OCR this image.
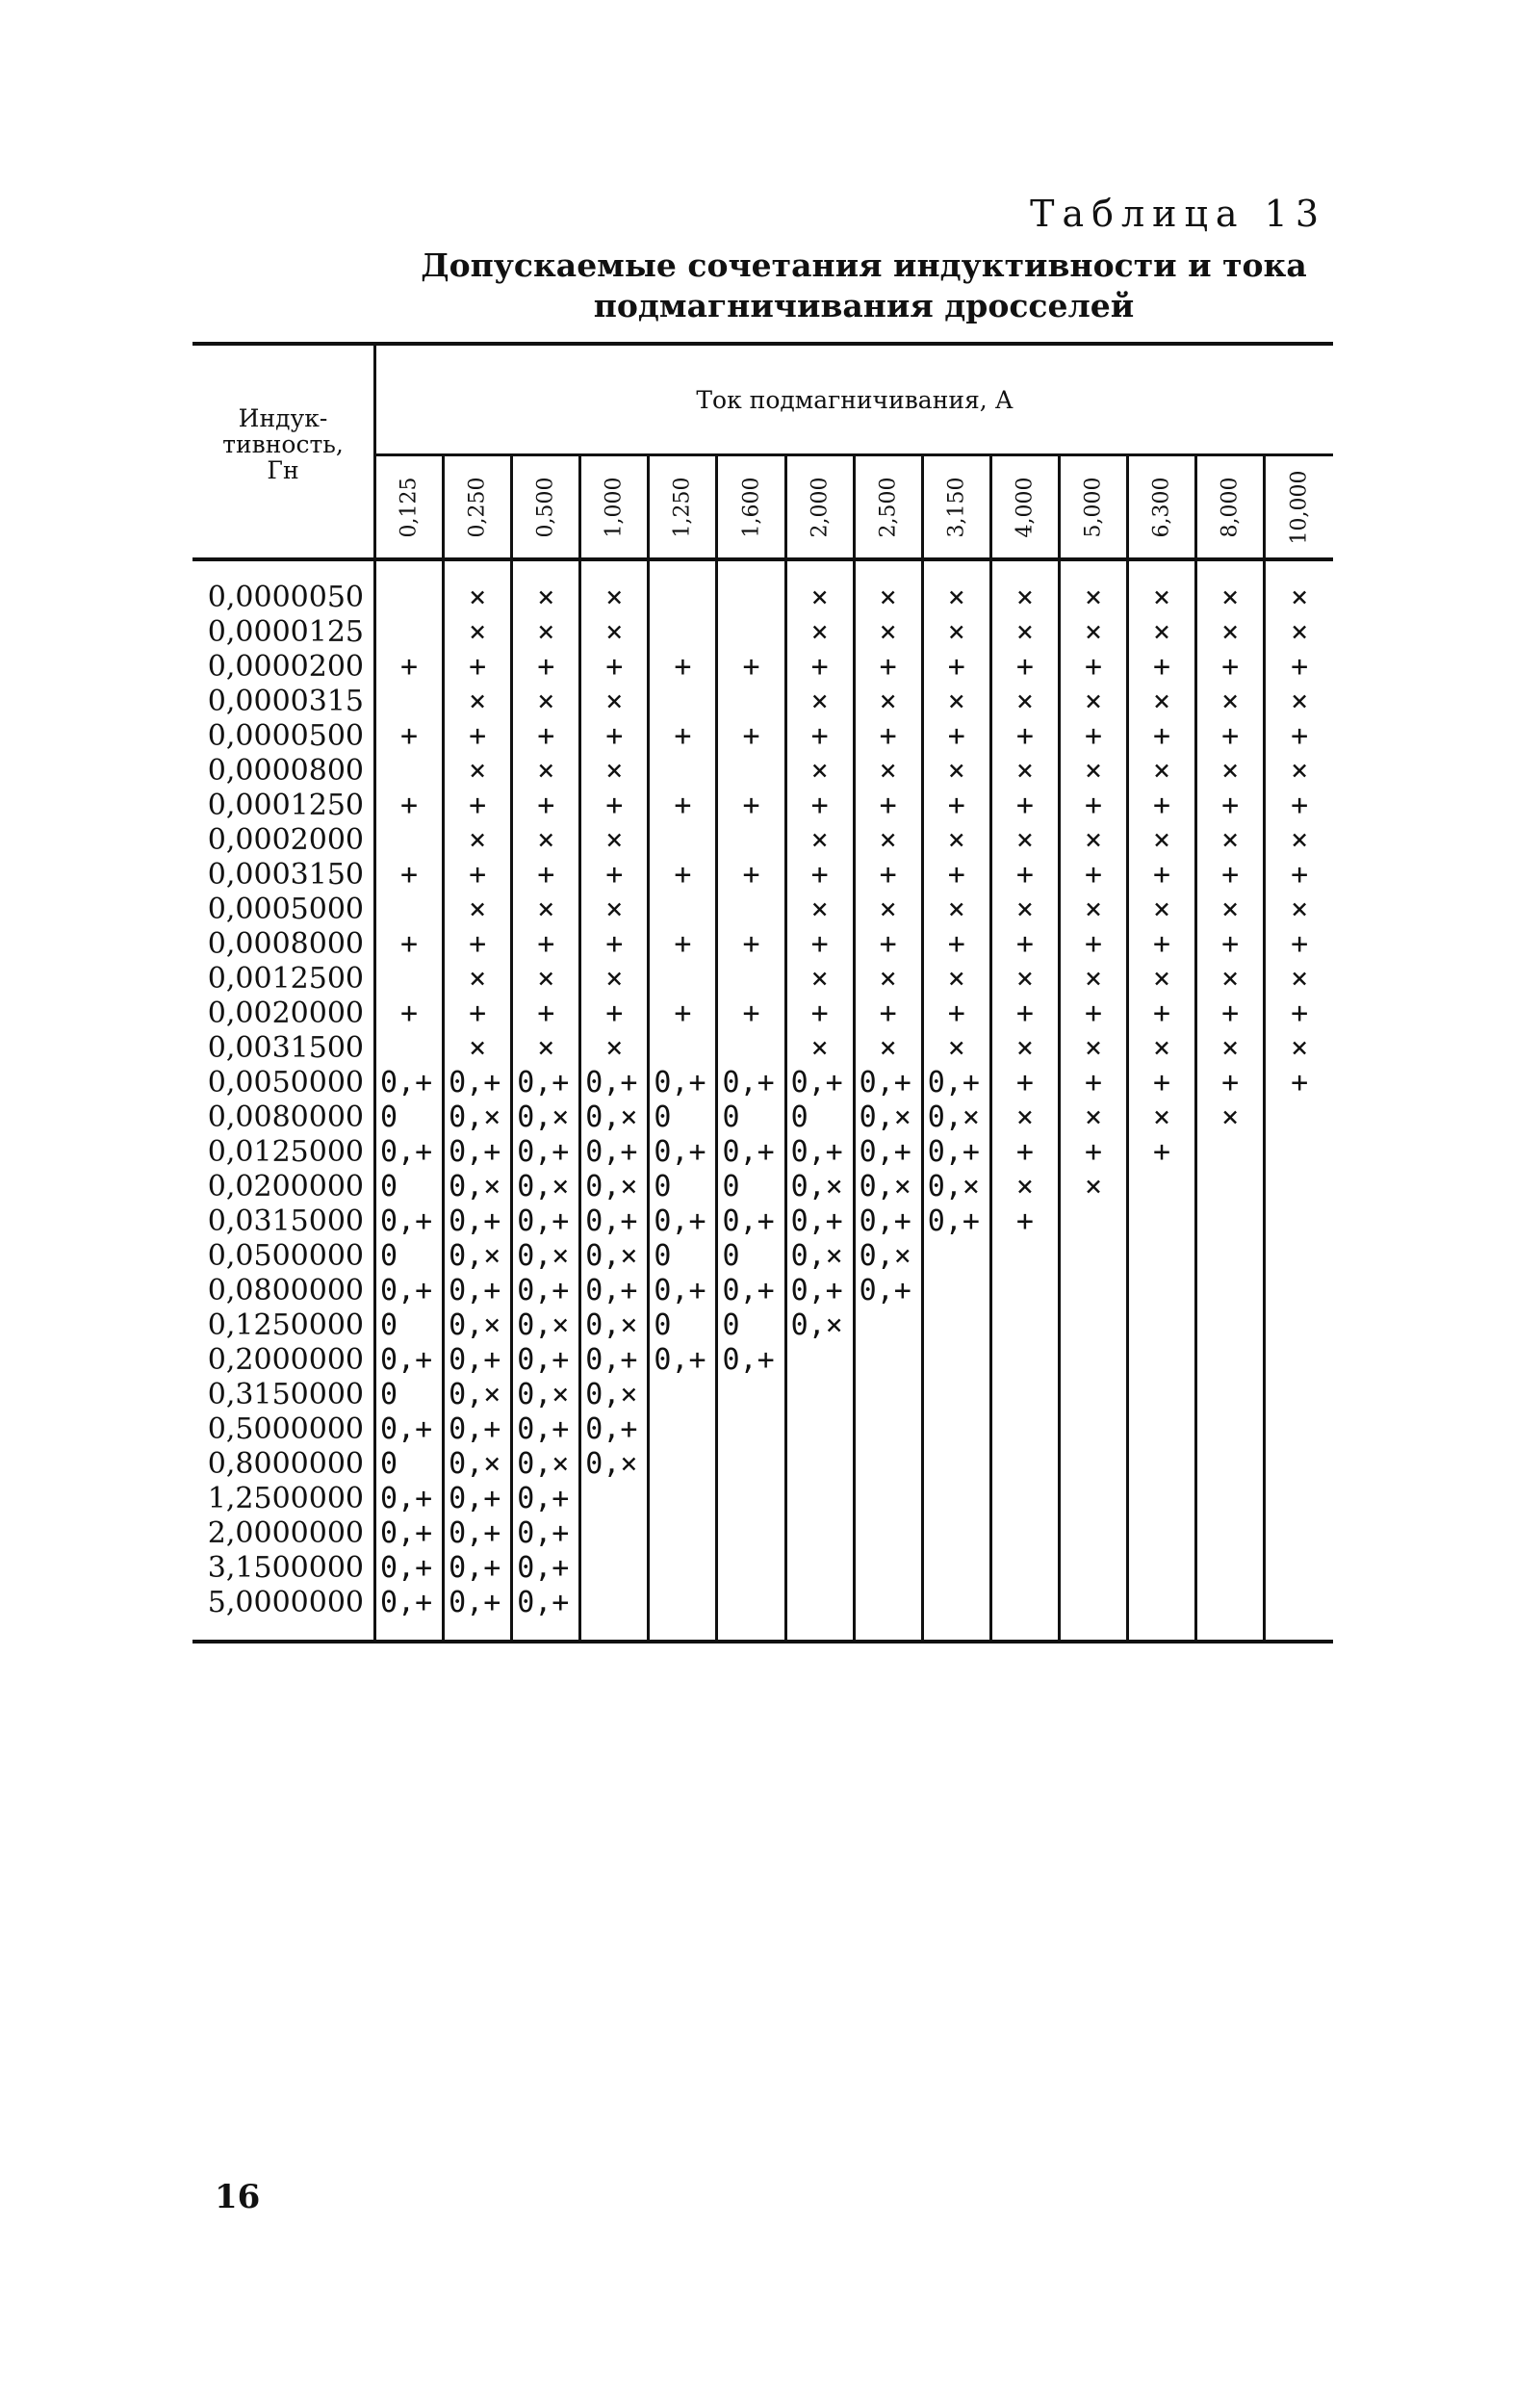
Таблица 13
Допускаемые сочетания индуктивности и тока
подмагничивания дросселей
Индук-
тивность,
Гн	Ток подмагничивания, А													

	0,125	0,250	0,500	1,000	1,250	1,600	2,000	2,500	3,150	4,000	5,000	6,300	8,000	10,000

0,0000050		×	×	×			×	×	×	×	×	×	×	×
0,0000125		×	×	×			×	×	×	×	×	×	×	×
0,0000200	+	+	+	+	+	+	+	+	+	+	+	+	+	+
0,0000315		×	×	×			×	×	×	×	×	×	×	×
0,0000500	+	+	+	+	+	+	+	+	+	+	+	+	+	+
0,0000800		×	×	×			×	×	×	×	×	×	×	×
0,0001250	+	+	+	+	+	+	+	+	+	+	+	+	+	+
0,0002000		×	×	×			×	×	×	×	×	×	×	×
0,0003150	+	+	+	+	+	+	+	+	+	+	+	+	+	+
0,0005000		×	×	×			×	×	×	×	×	×	×	×
0,0008000	+	+	+	+	+	+	+	+	+	+	+	+	+	+
0,0012500		×	×	×			×	×	×	×	×	×	×	×
0,0020000	+	+	+	+	+	+	+	+	+	+	+	+	+	+
0,0031500		×	×	×			×	×	×	×	×	×	×	×
0,0050000	0,+	0,+	0,+	0,+	0,+	0,+	0,+	0,+	0,+	+	+	+	+	+
0,0080000	0	0,×	0,×	0,×	0	0	0	0,×	0,×	×	×	×	×	
0,0125000	0,+	0,+	0,+	0,+	0,+	0,+	0,+	0,+	0,+	+	+	+		
0,0200000	0	0,×	0,×	0,×	0	0	0,×	0,×	0,×	×	×			
0,0315000	0,+	0,+	0,+	0,+	0,+	0,+	0,+	0,+	0,+	+				
0,0500000	0	0,×	0,×	0,×	0	0	0,×	0,×						
0,0800000	0,+	0,+	0,+	0,+	0,+	0,+	0,+	0,+						
0,1250000	0	0,×	0,×	0,×	0	0	0,×							
0,2000000	0,+	0,+	0,+	0,+	0,+	0,+								
0,3150000	0	0,×	0,×	0,×										
0,5000000	0,+	0,+	0,+	0,+										
0,8000000	0	0,×	0,×	0,×										
1,2500000	0,+	0,+	0,+											
2,0000000	0,+	0,+	0,+											
3,1500000	0,+	0,+	0,+											
5,0000000	0,+	0,+	0,+											

16
